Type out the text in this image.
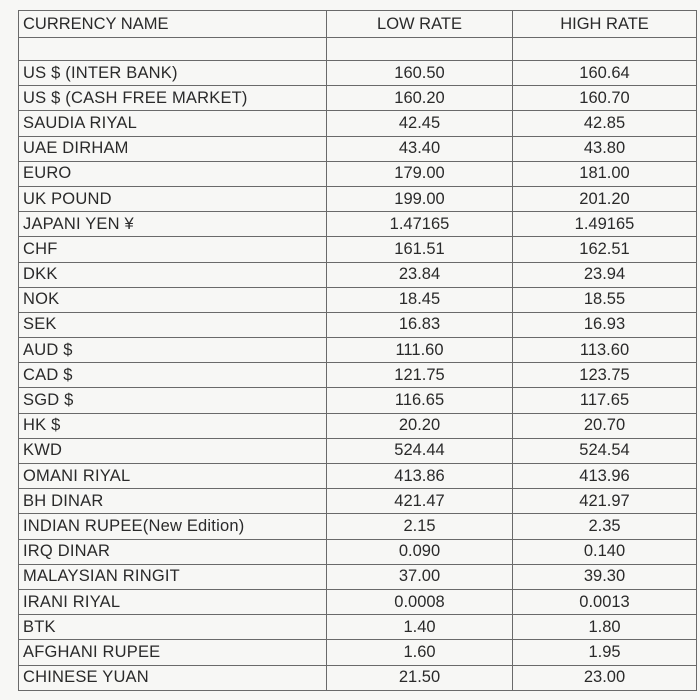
CURRENCY NAME	LOW RATE	HIGH RATE

US $ (INTER BANK)	160.50	160.64
US $ (CASH FREE MARKET)	160.20	160.70
SAUDIA RIYAL	42.45	42.85
UAE DIRHAM	43.40	43.80
EURO	179.00	181.00
UK POUND	199.00	201.20
JAPANI YEN ¥	1.47165	1.49165
CHF	161.51	162.51
DKK	23.84	23.94
NOK	18.45	18.55
SEK	16.83	16.93
AUD $	111.60	113.60
CAD $	121.75	123.75
SGD $	116.65	117.65
HK $	20.20	20.70
KWD	524.44	524.54
OMANI RIYAL	413.86	413.96
BH DINAR	421.47	421.97
INDIAN RUPEE(New Edition)	2.15	2.35
IRQ DINAR	0.090	0.140
MALAYSIAN RINGIT	37.00	39.30
IRANI RIYAL	0.0008	0.0013
BTK	1.40	1.80
AFGHANI RUPEE	1.60	1.95
CHINESE YUAN	21.50	23.00
